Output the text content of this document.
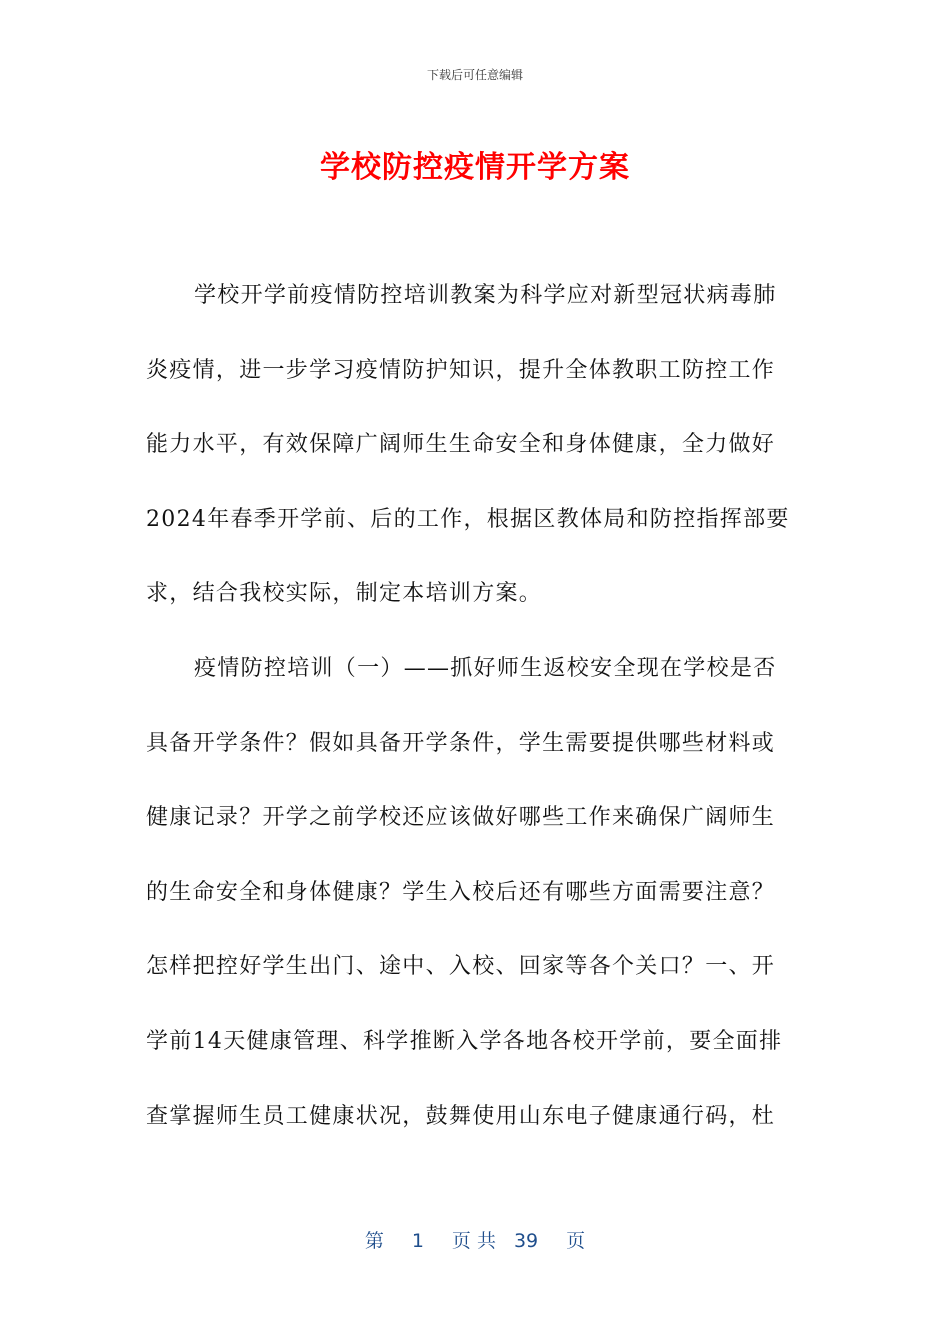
下载后可任意编辑
学校防控疫情开学方案
学校开学前疫情防控培训教案为科学应对新型冠状病毒肺
炎疫情，进一步学习疫情防护知识，提升全体教职工防控工作
能力水平，有效保障广阔师生生命安全和身体健康，全力做好
2024年春季开学前、后的工作，根据区教体局和防控指挥部要
求，结合我校实际，制定本培训方案。
疫情防控培训（一）——抓好师生返校安全现在学校是否
具备开学条件？假如具备开学条件，学生需要提供哪些材料或
健康记录？开学之前学校还应该做好哪些工作来确保广阔师生
的生命安全和身体健康？学生入校后还有哪些方面需要注意？
怎样把控好学生出门、途中、入校、回家等各个关口？一、开
学前14天健康管理、科学推断入学各地各校开学前，要全面排
查掌握师生员工健康状况，鼓舞使用山东电子健康通行码，杜
第 1 页 共 39 页
